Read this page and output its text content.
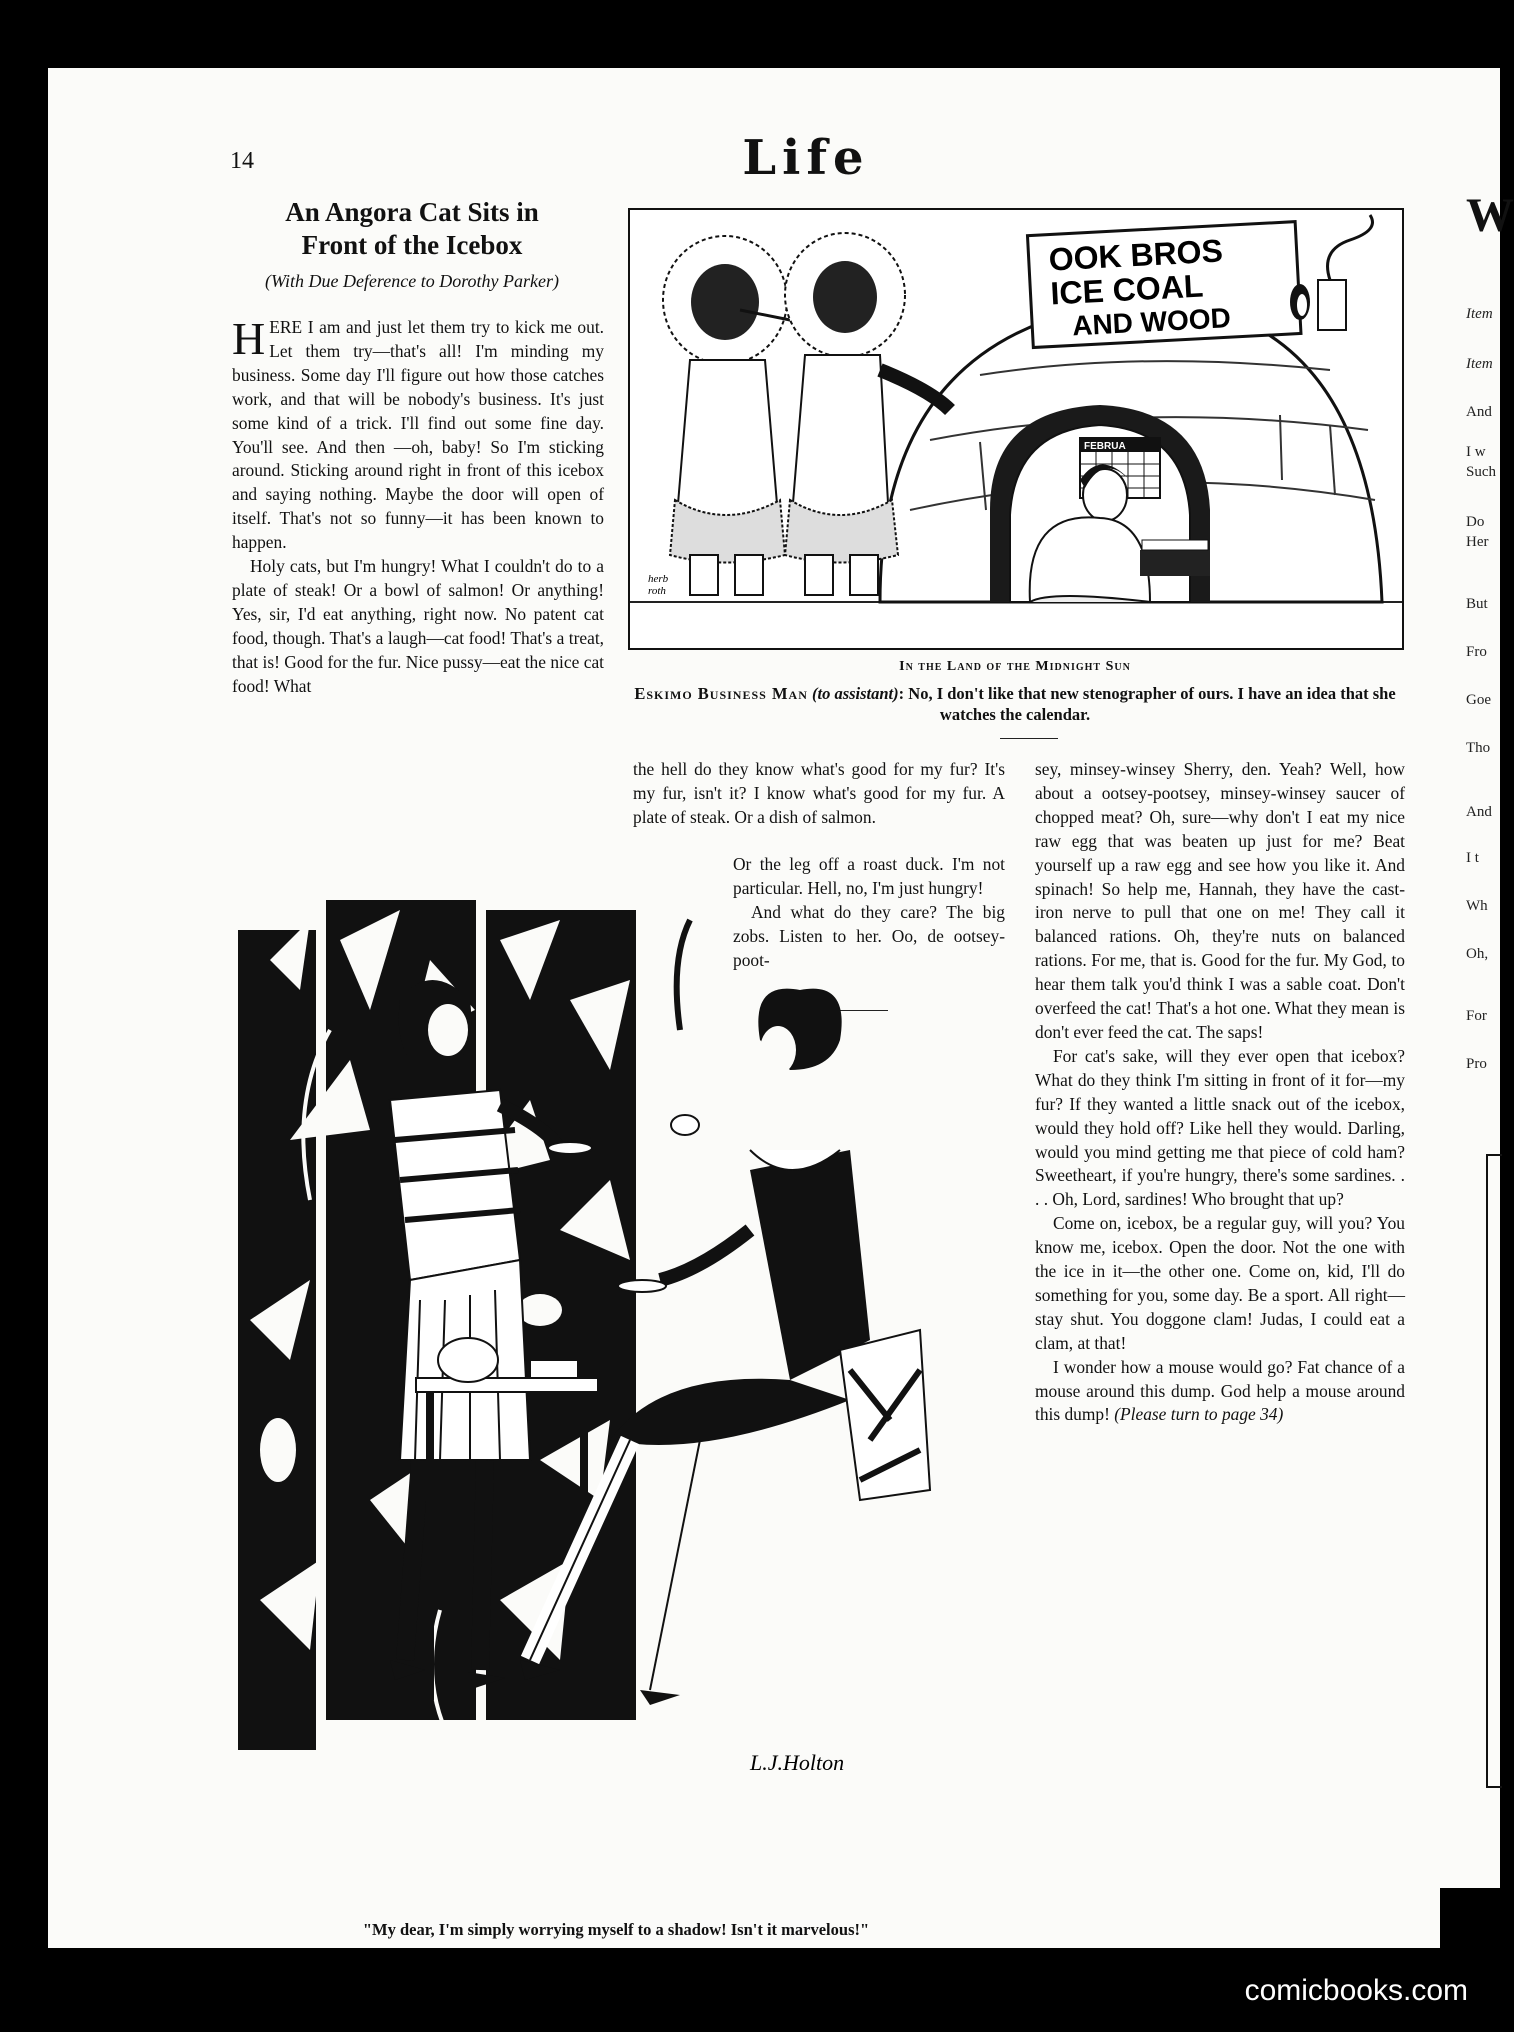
W
Item
Item
And
I w
Such
Do
Her
But
Fro
Goe
Tho
And
I t
Wh
Oh,
For
Pro
14	Life
An Angora Cat Sits in
Front of the Icebox
(With Due Deference to Dorothy Parker)

HERE I am and just let them try to kick me out. Let them try—that's all! I'm minding my business. Some day I'll figure out how those catches work, and that will be nobody's business. It's just some kind of a trick. I'll find out some fine day. You'll see. And then —oh, baby! So I'm sticking around. Sticking around right in front of this icebox and saying nothing. Maybe the door will open of itself. That's not so funny—it has been known to happen.

Holy cats, but I'm hungry! What I couldn't do to a plate of steak! Or a bowl of salmon! Or anything! Yes, sir, I'd eat anything, right now. No patent cat food, though. That's a laugh—cat food! That's a treat, that is! Good for the fur. Nice pussy—eat the nice cat food! What

FEBRUA
OOK BROS
ICE COAL
AND WOOD
herb
roth
In the Land of the Midnight Sun
Eskimo Business Man (to assistant): No, I don't like that new stenographer of ours. I have an idea that she watches the calendar.

the hell do they know what's good for my fur? It's my fur, isn't it? I know what's good for my fur. A plate of steak. Or a dish of salmon.

Or the leg off a roast duck. I'm not particular. Hell, no, I'm just hungry!

And what do they care? The big zobs. Listen to her. Oo, de ootsey-poot-

sey, minsey-winsey Sherry, den. Yeah? Well, how about a ootsey-pootsey, minsey-winsey saucer of chopped meat? Oh, sure—why don't I eat my nice raw egg that was beaten up just for me? Beat yourself up a raw egg and see how you like it. And spinach! So help me, Hannah, they have the cast-iron nerve to pull that one on me! They call it balanced rations. Oh, they're nuts on balanced rations. For me, that is. Good for the fur. My God, to hear them talk you'd think I was a sable coat. Don't overfeed the cat! That's a hot one. What they mean is don't ever feed the cat. The saps!

For cat's sake, will they ever open that icebox? What do they think I'm sitting in front of it for—my fur? If they wanted a little snack out of the icebox, would they hold off? Like hell they would. Darling, would you mind getting me that piece of cold ham? Sweetheart, if you're hungry, there's some sardines. . . . Oh, Lord, sardines! Who brought that up?

Come on, icebox, be a regular guy, will you? You know me, icebox. Open the door. Not the one with the ice in it—the other one. Come on, kid, I'll do something for you, some day. Be a sport. All right—stay shut. You doggone clam! Judas, I could eat a clam, at that!

I wonder how a mouse would go? Fat chance of a mouse around this dump. God help a mouse around this dump! (Please turn to page 34)

L.J.Holton
"My dear, I'm simply worrying myself to a shadow! Isn't it marvelous!"
comicbooks.com
